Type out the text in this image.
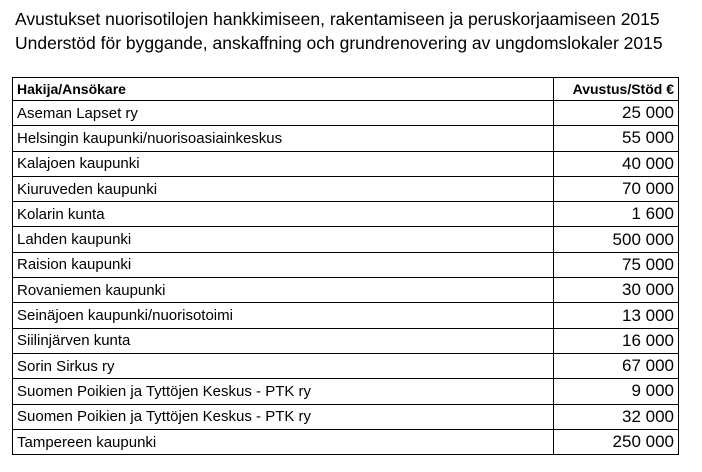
Avustukset nuorisotilojen hankkimiseen, rakentamiseen ja peruskorjaamiseen 2015
Understöd för byggande, anskaffning och grundrenovering av ungdomslokaler 2015
Hakija/Ansökare	Avustus/Stöd €
Aseman Lapset ry	25 000
Helsingin kaupunki/nuorisoasiainkeskus	55 000
Kalajoen kaupunki	40 000
Kiuruveden kaupunki	70 000
Kolarin kunta	1 600
Lahden kaupunki	500 000
Raision kaupunki	75 000
Rovaniemen kaupunki	30 000
Seinäjoen kaupunki/nuorisotoimi	13 000
Siilinjärven kunta	16 000
Sorin Sirkus ry	67 000
Suomen Poikien ja Tyttöjen Keskus - PTK ry	9 000
Suomen Poikien ja Tyttöjen Keskus - PTK ry	32 000
Tampereen kaupunki	250 000
